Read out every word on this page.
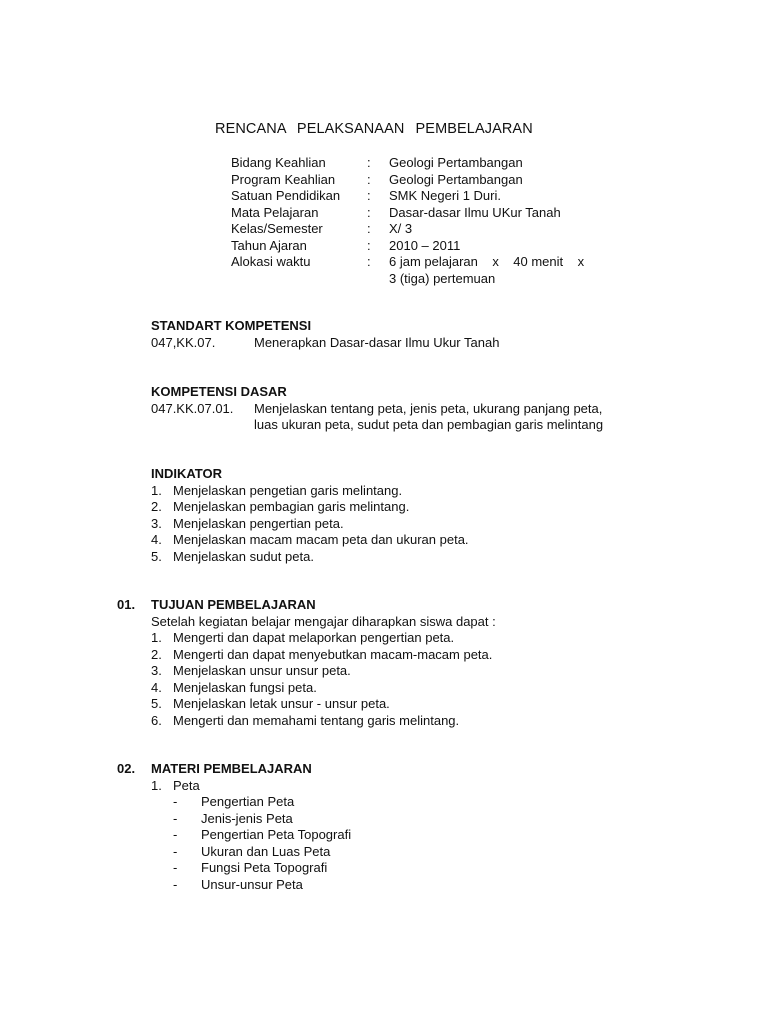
RENCANA PELAKSANAAN PEMBELAJARAN
Bidang Keahlian	:	Geologi Pertambangan
Program Keahlian	:	Geologi Pertambangan
Satuan Pendidikan	:	SMK Negeri 1 Duri.
Mata Pelajaran	:	Dasar-dasar Ilmu UKur Tanah
Kelas/Semester	:	X/ 3
Tahun Ajaran	:	2010 – 2011
Alokasi waktu	:	6 jam pelajaran    x    40 menit    x
3 (tiga) pertemuan
STANDART KOMPETENSI
047,KK.07.	Menerapkan Dasar-dasar Ilmu Ukur Tanah
KOMPETENSI DASAR
047.KK.07.01.	Menjelaskan tentang peta, jenis peta, ukurang panjang peta,
luas ukuran peta, sudut peta dan pembagian garis melintang
INDIKATOR
1. Menjelaskan pengetian garis melintang.
2. Menjelaskan pembagian garis melintang.
3. Menjelaskan pengertian peta.
4. Menjelaskan macam macam peta dan ukuran peta.
5. Menjelaskan sudut peta.
01. TUJUAN PEMBELAJARAN
Setelah kegiatan belajar mengajar diharapkan siswa dapat :
1. Mengerti dan dapat melaporkan pengertian peta.
2. Mengerti dan dapat menyebutkan macam-macam peta.
3. Menjelaskan unsur unsur peta.
4. Menjelaskan fungsi peta.
5. Menjelaskan letak unsur - unsur peta.
6. Mengerti dan memahami tentang garis melintang.
02. MATERI PEMBELAJARAN
1. Peta
-	Pengertian Peta
-	Jenis-jenis Peta
-	Pengertian Peta Topografi
-	Ukuran dan Luas Peta
-	Fungsi Peta Topografi
-	Unsur-unsur Peta
